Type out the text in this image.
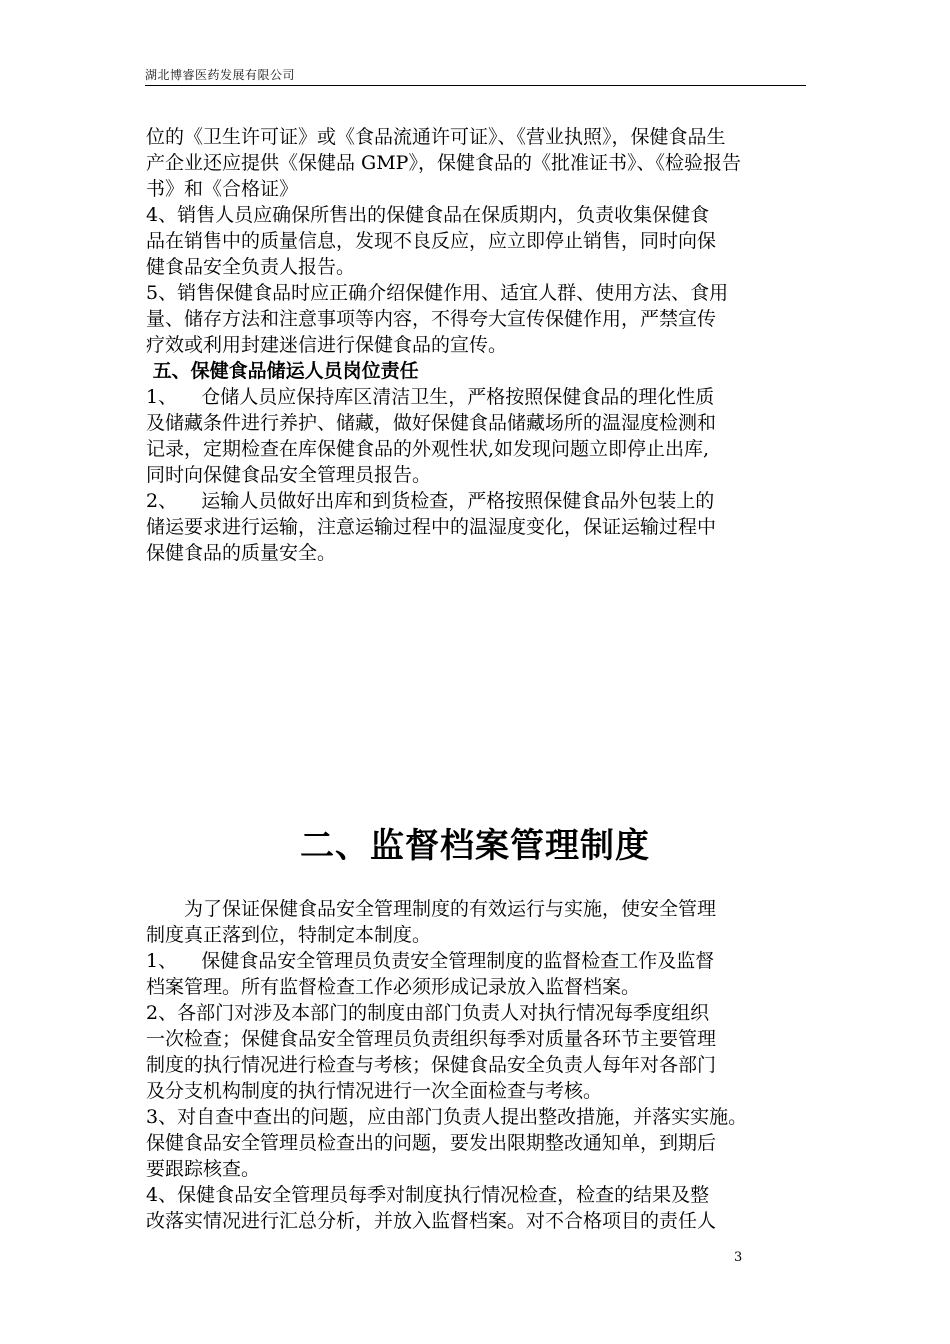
湖北博睿医药发展有限公司
位的《卫生许可证》或《食品流通许可证》、《营业执照》，保健食品生
产企业还应提供《保健品 GMP》，保健食品的《批准证书》、《检验报告
书》和《合格证》
4、销售人员应确保所售出的保健食品在保质期内，负责收集保健食
品在销售中的质量信息，发现不良反应，应立即停止销售，同时向保
健食品安全负责人报告。
5、销售保健食品时应正确介绍保健作用、适宜人群、使用方法、食用
量、储存方法和注意事项等内容，不得夸大宣传保健作用，严禁宣传
疗效或利用封建迷信进行保健食品的宣传。
五、保健食品储运人员岗位责任
1、    仓储人员应保持库区清洁卫生，严格按照保健食品的理化性质
及储藏条件进行养护、储藏，做好保健食品储藏场所的温湿度检测和
记录，定期检查在库保健食品的外观性状,如发现问题立即停止出库,
同时向保健食品安全管理员报告。
2、    运输人员做好出库和到货检查，严格按照保健食品外包装上的
储运要求进行运输，注意运输过程中的温湿度变化，保证运输过程中
保健食品的质量安全。
二、监督档案管理制度
　　为了保证保健食品安全管理制度的有效运行与实施，使安全管理
制度真正落到位，特制定本制度。
1、    保健食品安全管理员负责安全管理制度的监督检查工作及监督
档案管理。所有监督检查工作必须形成记录放入监督档案。
2、各部门对涉及本部门的制度由部门负责人对执行情况每季度组织
一次检查；保健食品安全管理员负责组织每季对质量各环节主要管理
制度的执行情况进行检查与考核；保健食品安全负责人每年对各部门
及分支机构制度的执行情况进行一次全面检查与考核。
3、对自查中查出的问题，应由部门负责人提出整改措施，并落实实施。
保健食品安全管理员检查出的问题，要发出限期整改通知单，到期后
要跟踪核查。
4、保健食品安全管理员每季对制度执行情况检查，检查的结果及整
改落实情况进行汇总分析，并放入监督档案。对不合格项目的责任人
3
